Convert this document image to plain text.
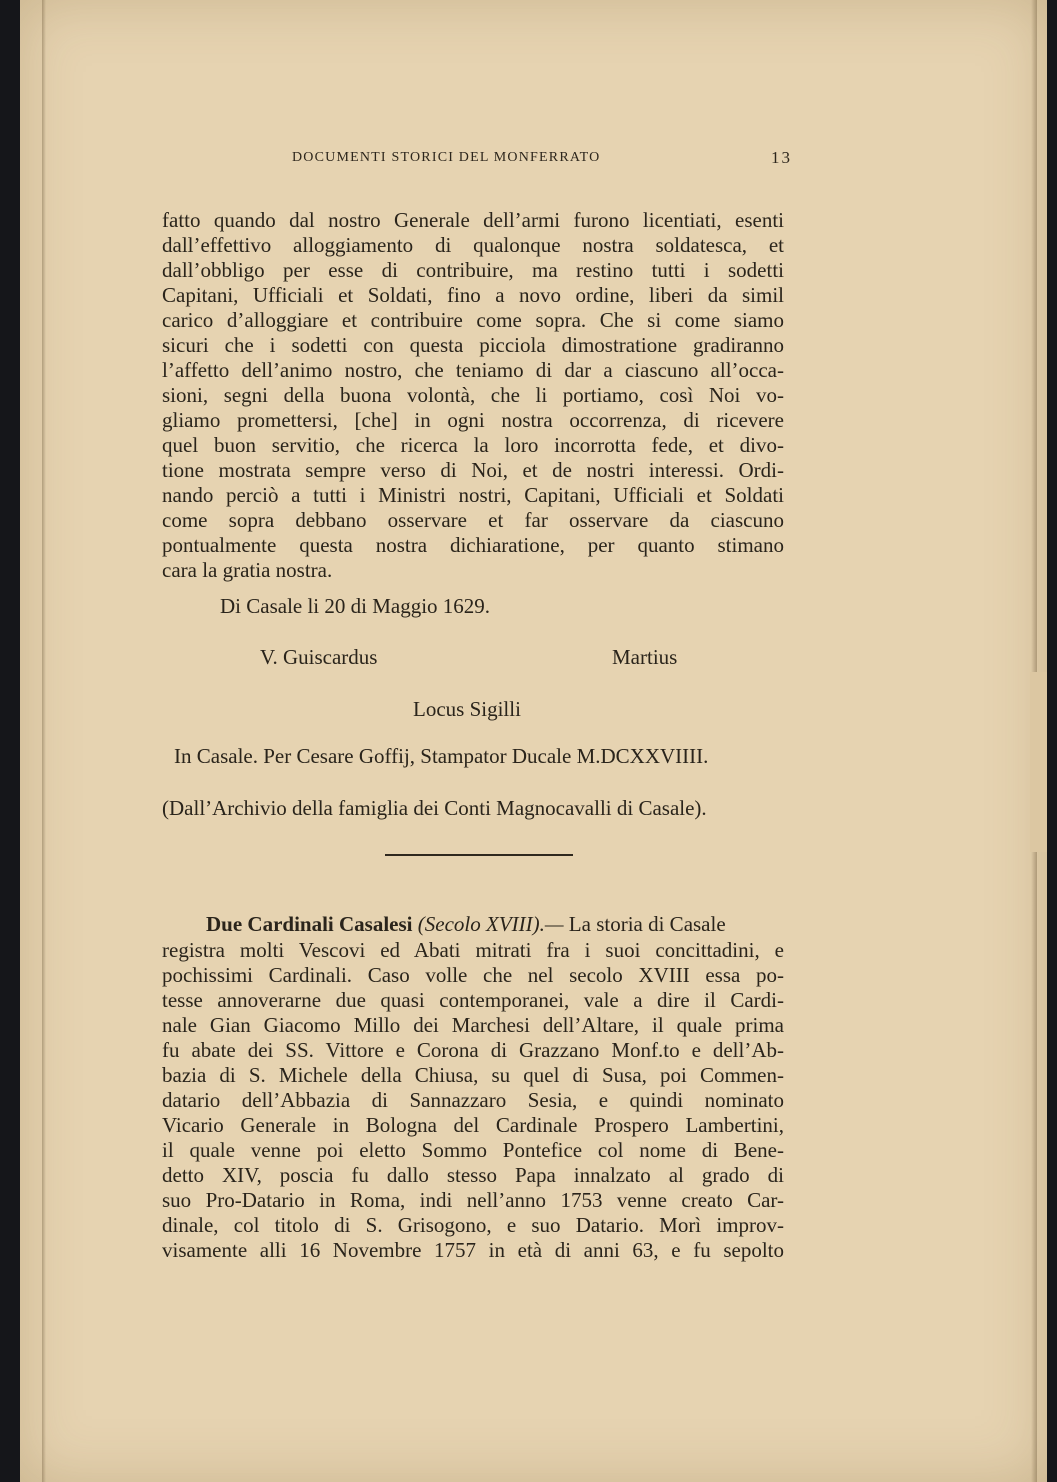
DOCUMENTI STORICI DEL MONFERRATO	13
fatto quando dal nostro Generale dell’armi furono licentiati, esenti
dall’effettivo alloggiamento di qualonque nostra soldatesca, et
dall’obbligo per esse di contribuire, ma restino tutti i sodetti
Capitani, Ufficiali et Soldati, fino a novo ordine, liberi da simil
carico d’alloggiare et contribuire come sopra. Che si come siamo
sicuri che i sodetti con questa picciola dimostratione gradiranno
l’affetto dell’animo nostro, che teniamo di dar a ciascuno all’occa-
sioni, segni della buona volontà, che li portiamo, così Noi vo-
gliamo promettersi, [che] in ogni nostra occorrenza, di ricevere
quel buon servitio, che ricerca la loro incorrotta fede, et divo-
tione mostrata sempre verso di Noi, et de nostri interessi. Ordi-
nando perciò a tutti i Ministri nostri, Capitani, Ufficiali et Soldati
come sopra debbano osservare et far osservare da ciascuno
pontualmente questa nostra dichiaratione, per quanto stimano
cara la gratia nostra.
Di Casale li 20 di Maggio 1629.
V. Guiscardus	Martius
Locus Sigilli
In Casale. Per Cesare Goffij, Stampator Ducale M.DCXXVIIII.
(Dall’Archivio della famiglia dei Conti Magnocavalli di Casale).
Due Cardinali Casalesi (Secolo XVIII).— La storia di Casale
registra molti Vescovi ed Abati mitrati fra i suoi concittadini, e
pochissimi Cardinali. Caso volle che nel secolo XVIII essa po-
tesse annoverarne due quasi contemporanei, vale a dire il Cardi-
nale Gian Giacomo Millo dei Marchesi dell’Altare, il quale prima
fu abate dei SS. Vittore e Corona di Grazzano Monf.to e dell’Ab-
bazia di S. Michele della Chiusa, su quel di Susa, poi Commen-
datario dell’Abbazia di Sannazzaro Sesia, e quindi nominato
Vicario Generale in Bologna del Cardinale Prospero Lambertini,
il quale venne poi eletto Sommo Pontefice col nome di Bene-
detto XIV, poscia fu dallo stesso Papa innalzato al grado di
suo Pro-Datario in Roma, indi nell’anno 1753 venne creato Car-
dinale, col titolo di S. Grisogono, e suo Datario. Morì improv-
visamente alli 16 Novembre 1757 in età di anni 63, e fu sepolto
